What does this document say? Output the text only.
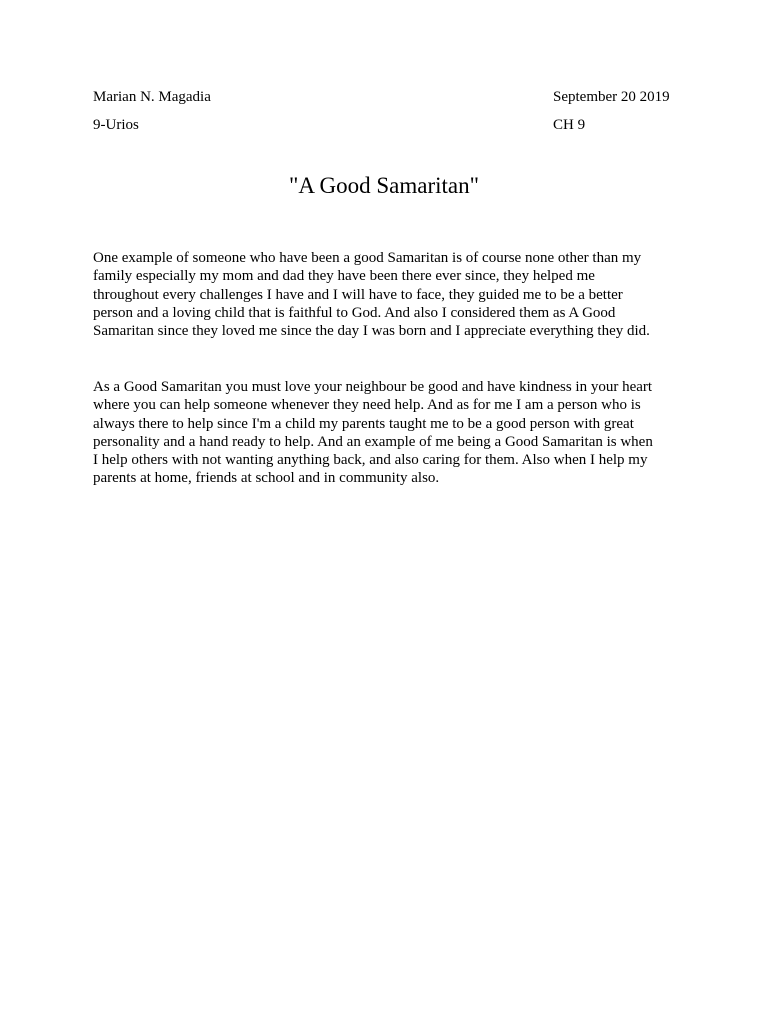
Marian N. Magadia
9-Urios
September 20 2019
CH 9
"A Good Samaritan"
One example of someone who have been a good Samaritan is of course none other than my
family especially my mom and dad they have been there ever since, they helped me
throughout every challenges I have and I will have to face, they guided me to be a better
person and a loving child that is faithful to God. And also I considered them as A Good
Samaritan since they loved me since the day I was born and I appreciate everything they did.
As a Good Samaritan you must love your neighbour be good and have kindness in your heart
where you can help someone whenever they need help. And as for me I am a person who is
always there to help since I'm a child my parents taught me to be a good person with great
personality and a hand ready to help. And an example of me being a Good Samaritan is when
I help others with not wanting anything back, and also caring for them. Also when I help my
parents at home, friends at school and in community also.
